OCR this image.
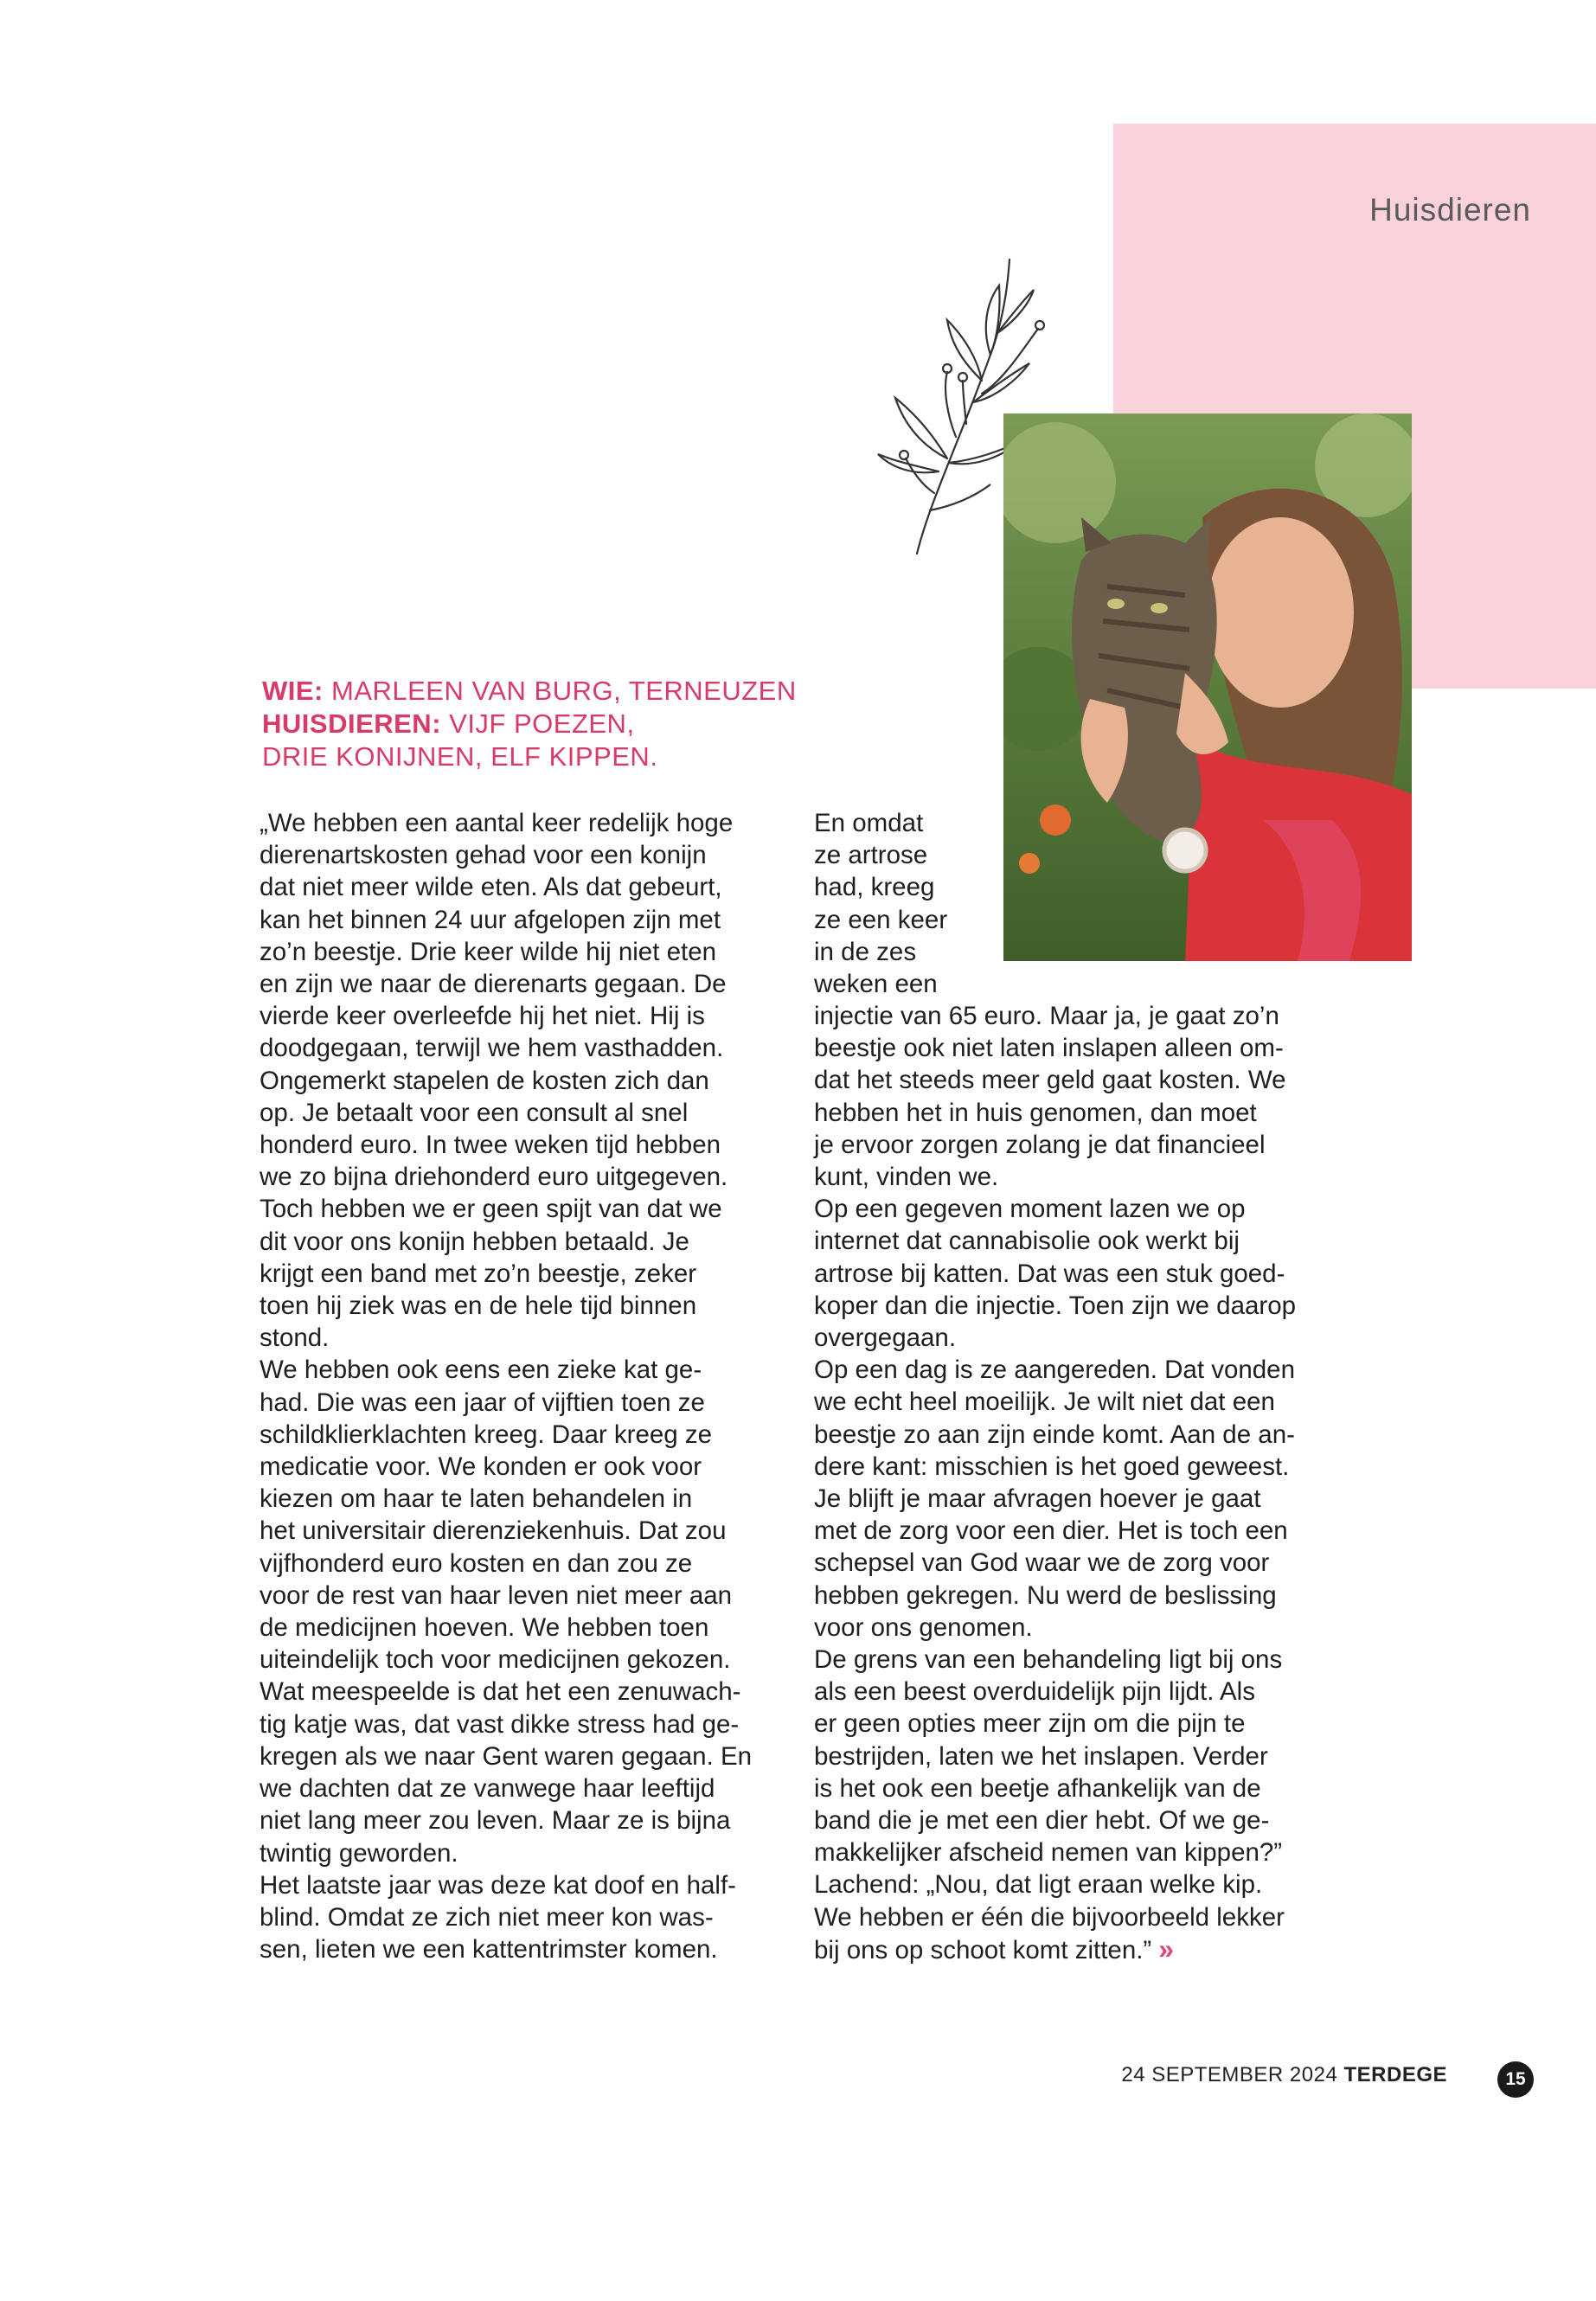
Huisdieren
WIE: MARLEEN VAN BURG, TERNEUZEN
HUISDIEREN: VIJF POEZEN,
DRIE KONIJNEN, ELF KIPPEN.
„We hebben een aantal keer redelijk hoge
dierenartskosten gehad voor een konijn
dat niet meer wilde eten. Als dat gebeurt,
kan het binnen 24 uur afgelopen zijn met
zo’n beestje. Drie keer wilde hij niet eten
en zijn we naar de dierenarts gegaan. De
vierde keer overleefde hij het niet. Hij is
doodgegaan, terwijl we hem vasthadden.
Ongemerkt stapelen de kosten zich dan
op. Je betaalt voor een consult al snel
honderd euro. In twee weken tijd hebben
we zo bijna driehonderd euro uitgegeven.
Toch hebben we er geen spijt van dat we
dit voor ons konijn hebben betaald. Je
krijgt een band met zo’n beestje, zeker
toen hij ziek was en de hele tijd binnen
stond.
We hebben ook eens een zieke kat ge-
had. Die was een jaar of vijftien toen ze
schildklierklachten kreeg. Daar kreeg ze
medicatie voor. We konden er ook voor
kiezen om haar te laten behandelen in
het universitair dierenziekenhuis. Dat zou
vijfhonderd euro kosten en dan zou ze
voor de rest van haar leven niet meer aan
de medicijnen hoeven. We hebben toen
uiteindelijk toch voor medicijnen gekozen.
Wat meespeelde is dat het een zenuwach-
tig katje was, dat vast dikke stress had ge-
kregen als we naar Gent waren gegaan. En
we dachten dat ze vanwege haar leeftijd
niet lang meer zou leven. Maar ze is bijna
twintig geworden.
Het laatste jaar was deze kat doof en half-
blind. Omdat ze zich niet meer kon was-
sen, lieten we een kattentrimster komen.
En omdat
ze artrose
had, kreeg
ze een keer
in de zes
weken een
injectie van 65 euro. Maar ja, je gaat zo’n
beestje ook niet laten inslapen alleen om-
dat het steeds meer geld gaat kosten. We
hebben het in huis genomen, dan moet
je ervoor zorgen zolang je dat financieel
kunt, vinden we.
Op een gegeven moment lazen we op
internet dat cannabisolie ook werkt bij
artrose bij katten. Dat was een stuk goed-
koper dan die injectie. Toen zijn we daarop
overgegaan.
Op een dag is ze aangereden. Dat vonden
we echt heel moeilijk. Je wilt niet dat een
beestje zo aan zijn einde komt. Aan de an-
dere kant: misschien is het goed geweest.
Je blijft je maar afvragen hoever je gaat
met de zorg voor een dier. Het is toch een
schepsel van God waar we de zorg voor
hebben gekregen. Nu werd de beslissing
voor ons genomen.
De grens van een behandeling ligt bij ons
als een beest overduidelijk pijn lijdt. Als
er geen opties meer zijn om die pijn te
bestrijden, laten we het inslapen. Verder
is het ook een beetje afhankelijk van de
band die je met een dier hebt. Of we ge-
makkelijker afscheid nemen van kippen?”
Lachend: „Nou, dat ligt eraan welke kip.
We hebben er één die bijvoorbeeld lekker
bij ons op schoot komt zitten.” »
24 SEPTEMBER 2024 TERDEGE	15
